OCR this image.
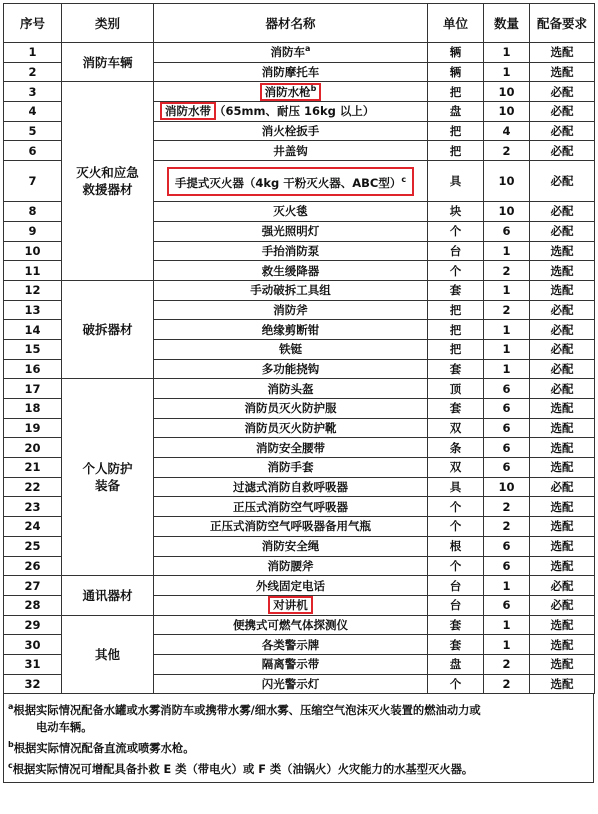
序号	类别	器材名称	单位	数量	配备要求
1	消防车辆	消防车$^a$	辆	1	选配
2		消防摩托车	辆	1	选配
3	灭火和应急救援器材	消防水枪$^b$	把	10	必配
4		消防水带 （65mm、耐压 16kg 以上）	盘	10	必配
5		消火栓扳手	把	4	必配
6		井盖钩	把	2	必配
7		手提式灭火器（4kg 干粉灭火器、ABC型）$^c$	具	10	必配
8		灭火毯	块	10	必配
9		强光照明灯	个	6	必配
10		手抬消防泵	台	1	选配
11		救生缓降器	个	2	选配
12	破拆器材	手动破拆工具组	套	1	选配
13		消防斧	把	2	必配
14		绝缘剪断钳	把	1	必配
15		铁铤	把	1	必配
16		多功能挠钩	套	1	必配
17	个人防护装备	消防头盔	顶	6	必配
18		消防员灭火防护服	套	6	选配
19		消防员灭火防护靴	双	6	选配
20		消防安全腰带	条	6	选配
21		消防手套	双	6	选配
22		过滤式消防自救呼吸器	具	10	必配
23		正压式消防空气呼吸器	个	2	选配
24		正压式消防空气呼吸器备用气瓶	个	2	选配
25		消防安全绳	根	6	选配
26		消防腰斧	个	6	选配
27	通讯器材	外线固定电话	台	1	必配
28		对讲机	台	6	必配
29	其他	便携式可燃气体探测仪	套	1	选配
30		各类警示牌	套	1	选配
31		隔离警示带	盘	2	选配
32		闪光警示灯	个	2	选配

$^a$根据实际情况配备水罐或水雾消防车或携带水雾/细水雾、压缩空气泡沫灭火装置的燃油动力或

电动车辆。

$^b$根据实际情况配备直流或喷雾水枪。

$^c$根据实际情况可增配具备扑救 E 类（带电火）或 F 类（油锅火）火灾能力的水基型灭火器。
